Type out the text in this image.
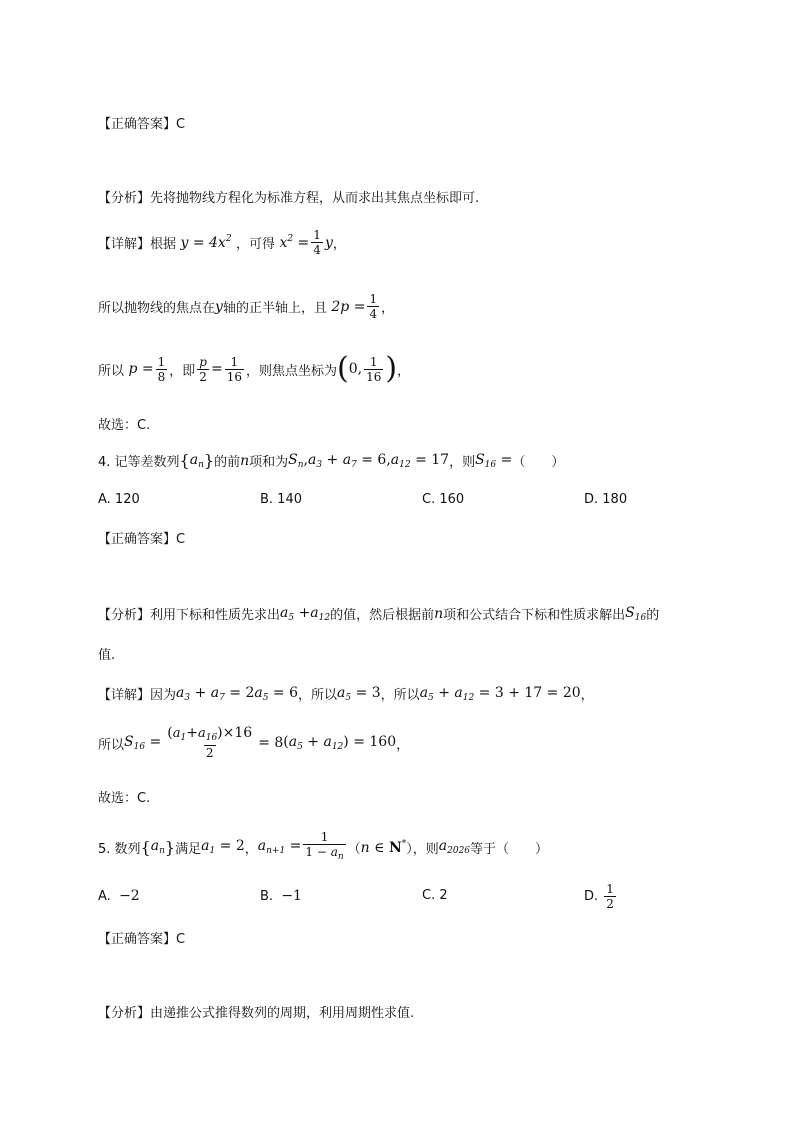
【正确答案】C
【分析】先将抛物线方程化为标准方程，从而求出其焦点坐标即可.
【详解】根据 $y = 4x^2$ ，可得 $x^2 = \frac{1}{4}$ y ，
所以抛物线的焦点在 y 轴的正半轴上，且 $2p = \frac{1}{4}$ ，
所以 $p = \frac{1}{8}$ ，即 $\frac{p}{2} = \frac{1}{16}$ ，则焦点坐标为 ( 0, $\frac{1}{16}$ ) ，
故选：C.
4. 记等差数列 { $a_n$ } 的前 n 项和为 $S_n,a_3 + a_7 = 6,a_{12} = 17$ ，则 $S_{16}$ = （　　）
A. 120	B. 140	C. 160	D. 180
【正确答案】C
【分析】利用下标和性质先求出 $a_5 +a_{12}$ 的值，然后根据前 n 项和公式结合下标和性质求解出 $S_{16}$ 的
值.
【详解】因为 $a_3 + a_7 = 2a_5 = 6$ ，所以 $a_5 = 3$ ，所以 $a_5 + a_{12} = 3 + 17 = 20$ ，
所以 $S_{16} = \frac{(a_1+a_{16})\times 16}{2} = 8$ $(a_5 + a_{12}) = 160$ ，
故选：C.
5. 数列 { $a_n$ } 满足 $a_1 = 2$ ， $a_{n+1} = \frac{1}{1 - a_n}$ （ n ∈ N* ），则 $a_{2026}$ 等于（　　）
A.
−2	B.
−1	C. 2	D.
$\frac{1}{2}$
【正确答案】C
【分析】由递推公式推得数列的周期，利用周期性求值.
